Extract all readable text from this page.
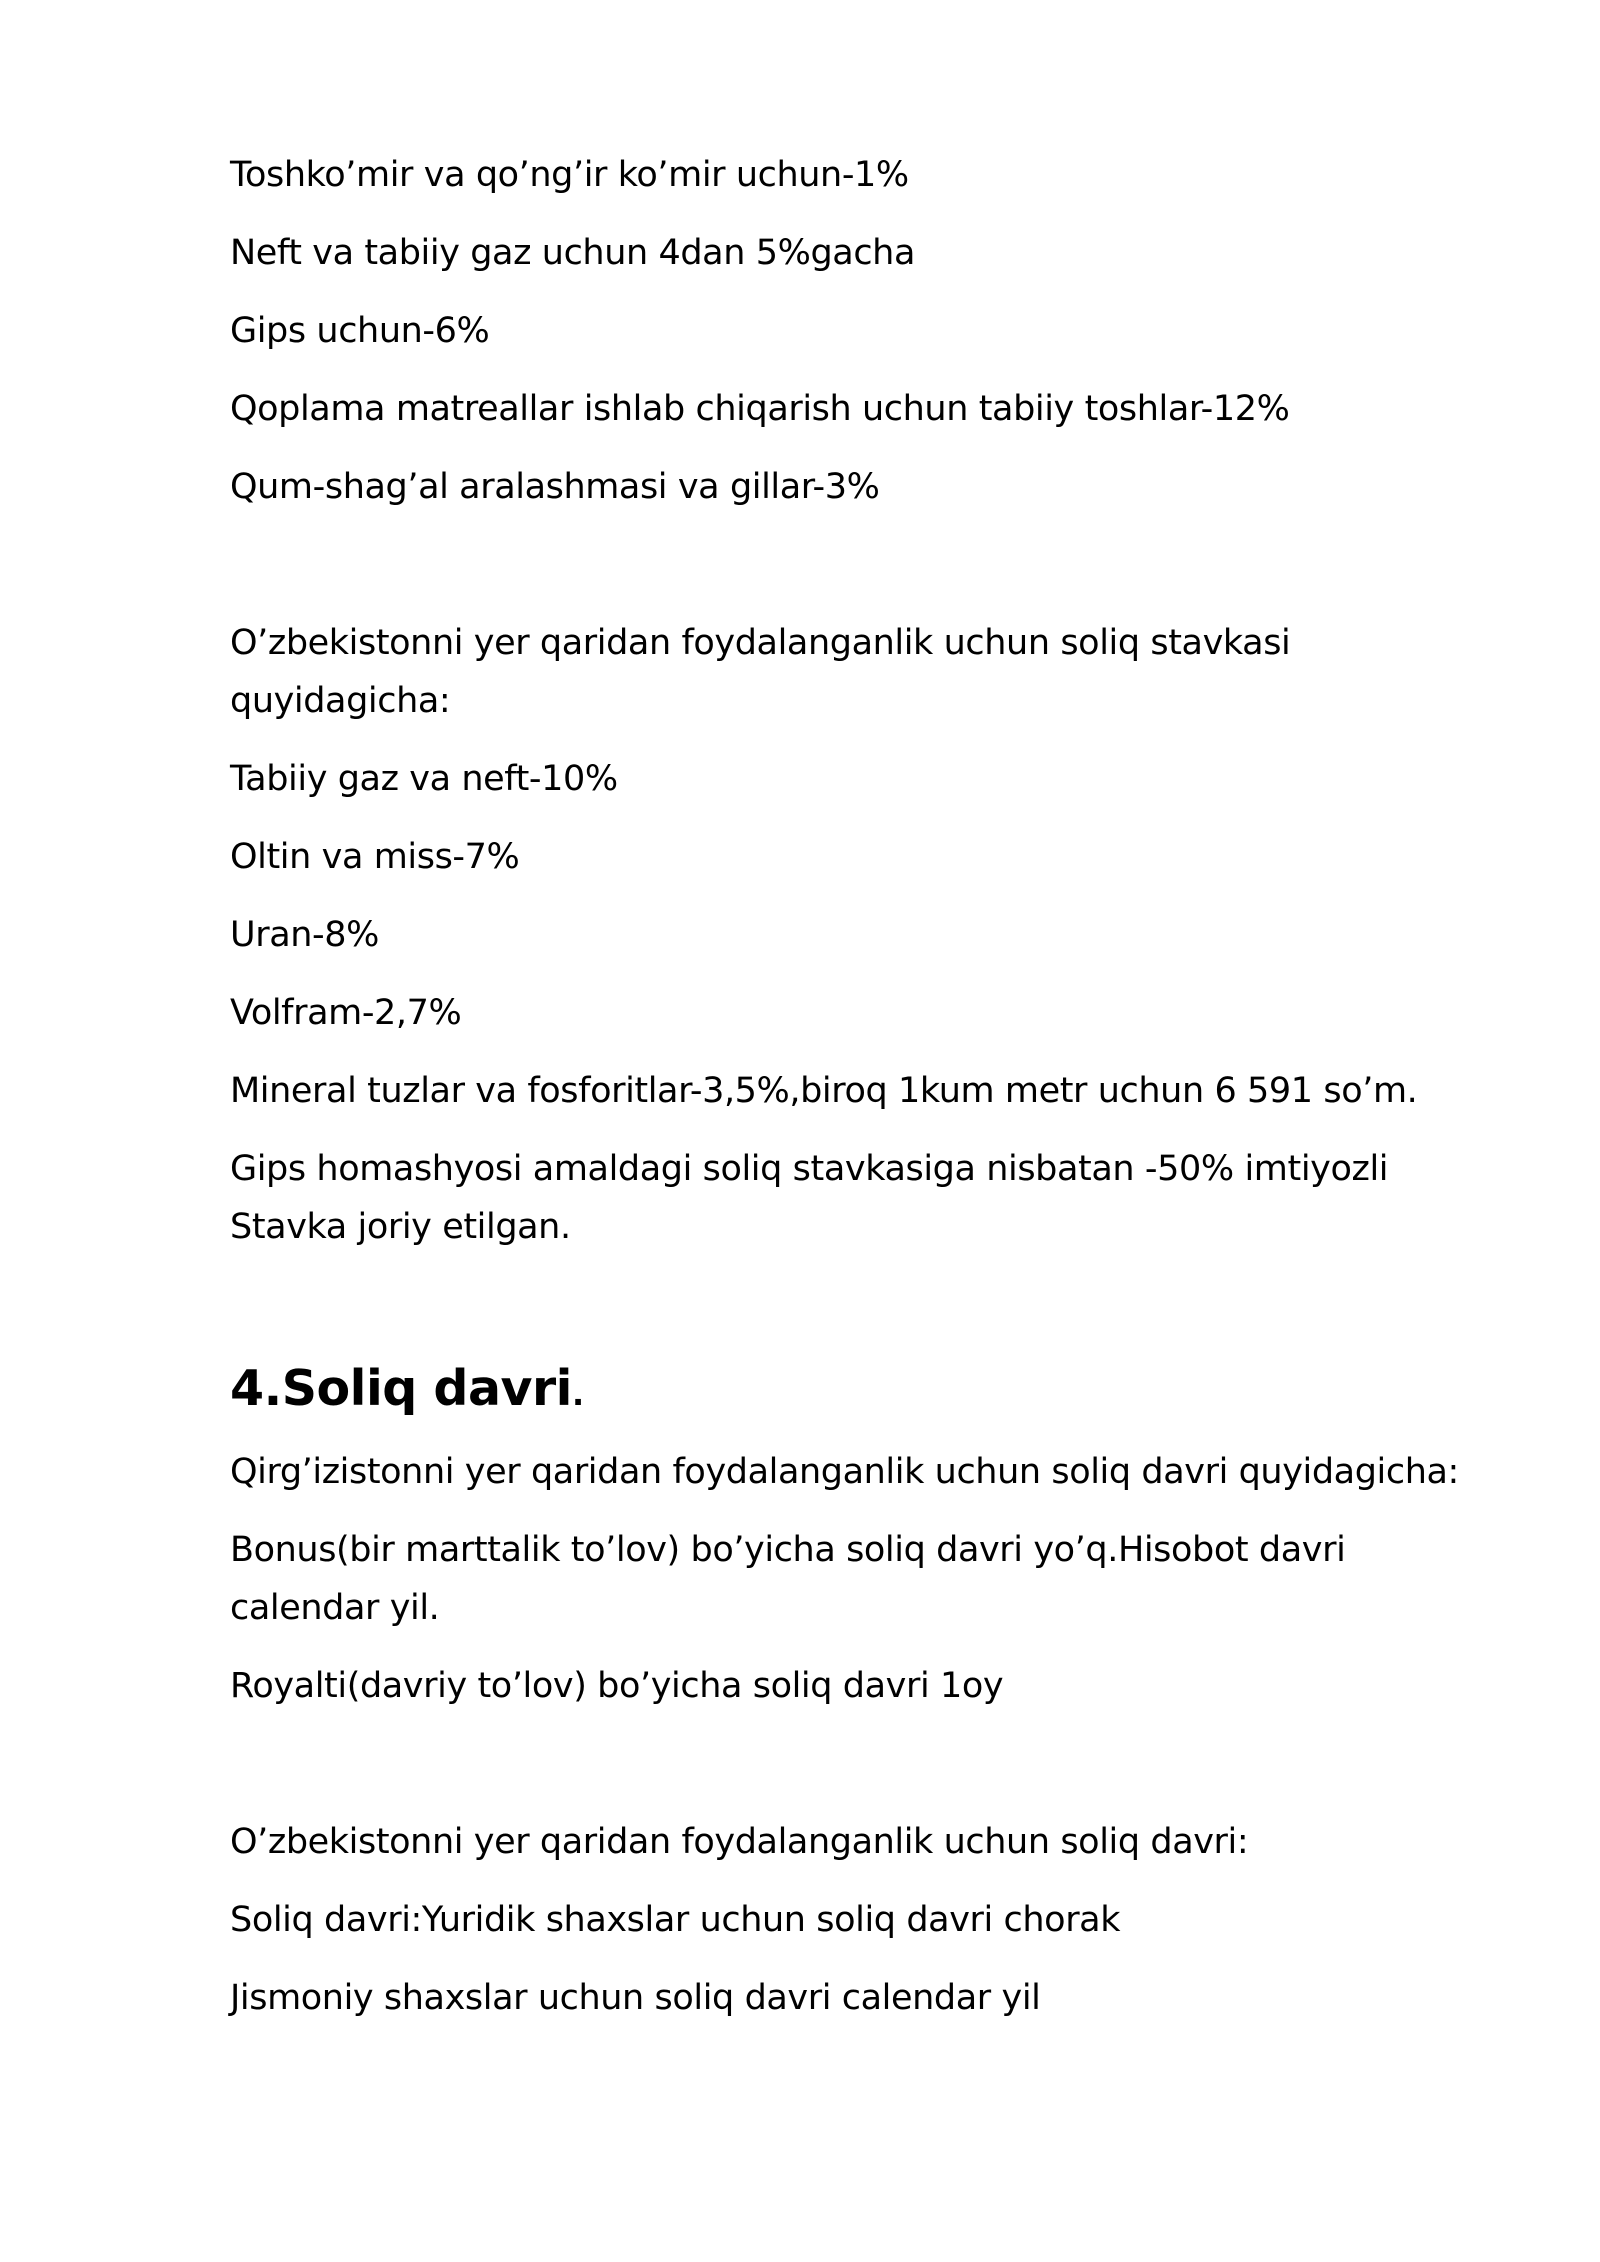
Toshko’mir va qo’ng’ir ko’mir uchun-1%

Neft va tabiiy gaz uchun 4dan 5%gacha

Gips uchun-6%

Qoplama matreallar ishlab chiqarish uchun tabiiy toshlar-12%

Qum-shag’al aralashmasi va gillar-3%

O’zbekistonni yer qaridan foydalanganlik uchun soliq stavkasi
quyidagicha:

Tabiiy gaz va neft-10%

Oltin va miss-7%

Uran-8%

Volfram-2,7%

Mineral tuzlar va fosforitlar-3,5%,biroq 1kum metr uchun 6 591 so’m.

Gips homashyosi amaldagi soliq stavkasiga nisbatan -50% imtiyozli
Stavka joriy etilgan.

4.Soliq davri.

Qirg’izistonni yer qaridan foydalanganlik uchun soliq davri quyidagicha:

Bonus(bir marttalik to’lov) bo’yicha soliq davri yo’q.Hisobot davri
calendar yil.

Royalti(davriy to’lov) bo’yicha soliq davri 1oy

O’zbekistonni yer qaridan foydalanganlik uchun soliq davri:

Soliq davri:Yuridik shaxslar uchun soliq davri chorak

Jismoniy shaxslar uchun soliq davri calendar yil
